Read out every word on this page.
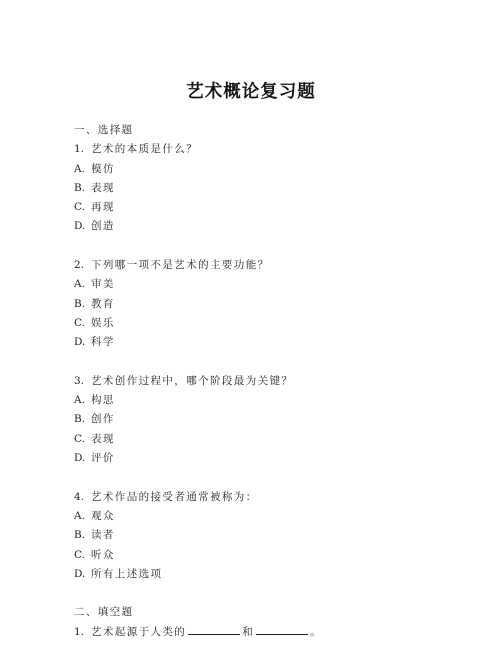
艺术概论复习题
一、选择题
1. 艺术的本质是什么？
A. 模仿
B. 表现
C. 再现
D. 创造
2. 下列哪一项不是艺术的主要功能？
A. 审美
B. 教育
C. 娱乐
D. 科学
3. 艺术创作过程中，哪个阶段最为关键？
A. 构思
B. 创作
C. 表现
D. 评价
4. 艺术作品的接受者通常被称为：
A. 观众
B. 读者
C. 听众
D. 所有上述选项
二、填空题
1. 艺术起源于人类的	和	。
